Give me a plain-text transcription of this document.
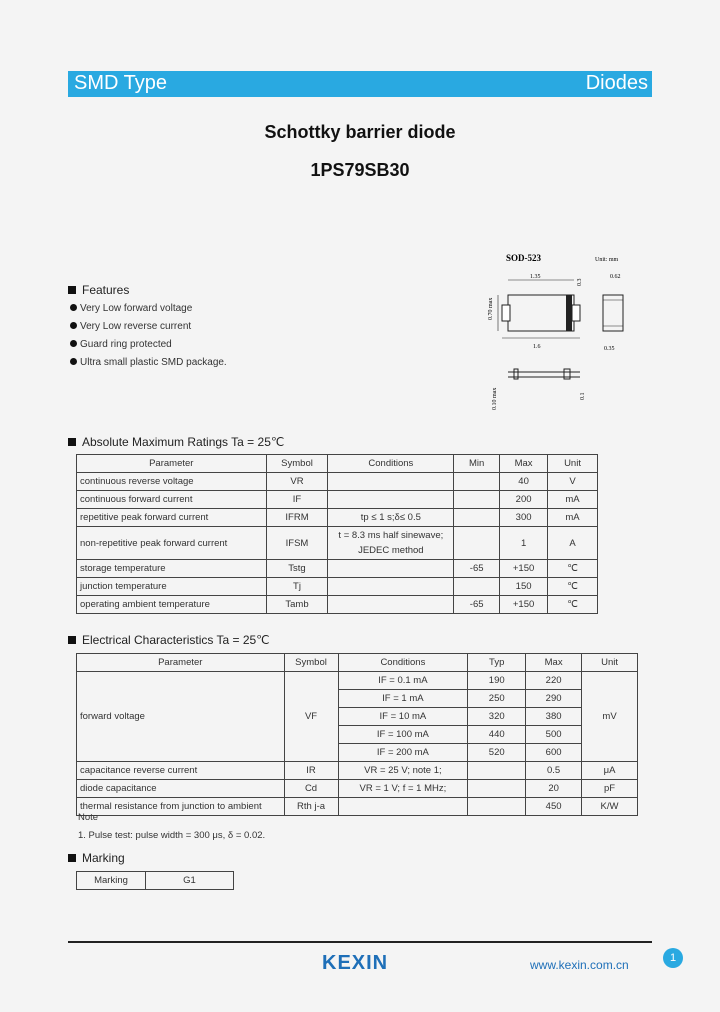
SMD Type	Diodes
Schottky barrier diode
1PS79SB30
SOD-523	Unit: mm
1.35
0.70 max
1.6
0.3
0.62
0.35
0.10 max	0.1
Features
Very Low forward voltage
Very Low reverse current
Guard ring protected
Ultra small plastic SMD package.
Absolute Maximum Ratings Ta = 25℃
Parameter	Symbol	Conditions	Min	Max	Unit
continuous reverse voltage	VR			40	V
continuous forward current	IF			200	mA
repetitive peak forward current	IFRM	tp ≤ 1 s;δ≤ 0.5		300	mA
non-repetitive peak forward current	IFSM	t = 8.3 ms half sinewave;
JEDEC method		1	A
storage temperature	Tstg		-65	+150	℃
junction temperature	Tj			150	℃
operating ambient temperature	Tamb		-65	+150	℃
Electrical Characteristics Ta = 25℃
Parameter	Symbol	Conditions	Typ	Max	Unit
forward voltage	VF	IF = 0.1 mA	190	220	mV
		IF = 1 mA	250	290	
		IF = 10 mA	320	380	
		IF = 100 mA	440	500	
		IF = 200 mA	520	600	
capacitance reverse current	IR	VR = 25 V; note 1;		0.5	μA
diode capacitance	Cd	VR = 1 V; f = 1 MHz;		20	pF
thermal resistance from junction to ambient	Rth j-a			450	K/W
Note
1. Pulse test: pulse width = 300 μs, δ = 0.02.
Marking
Marking	G1
KEXIN	www.kexin.com.cn	1
